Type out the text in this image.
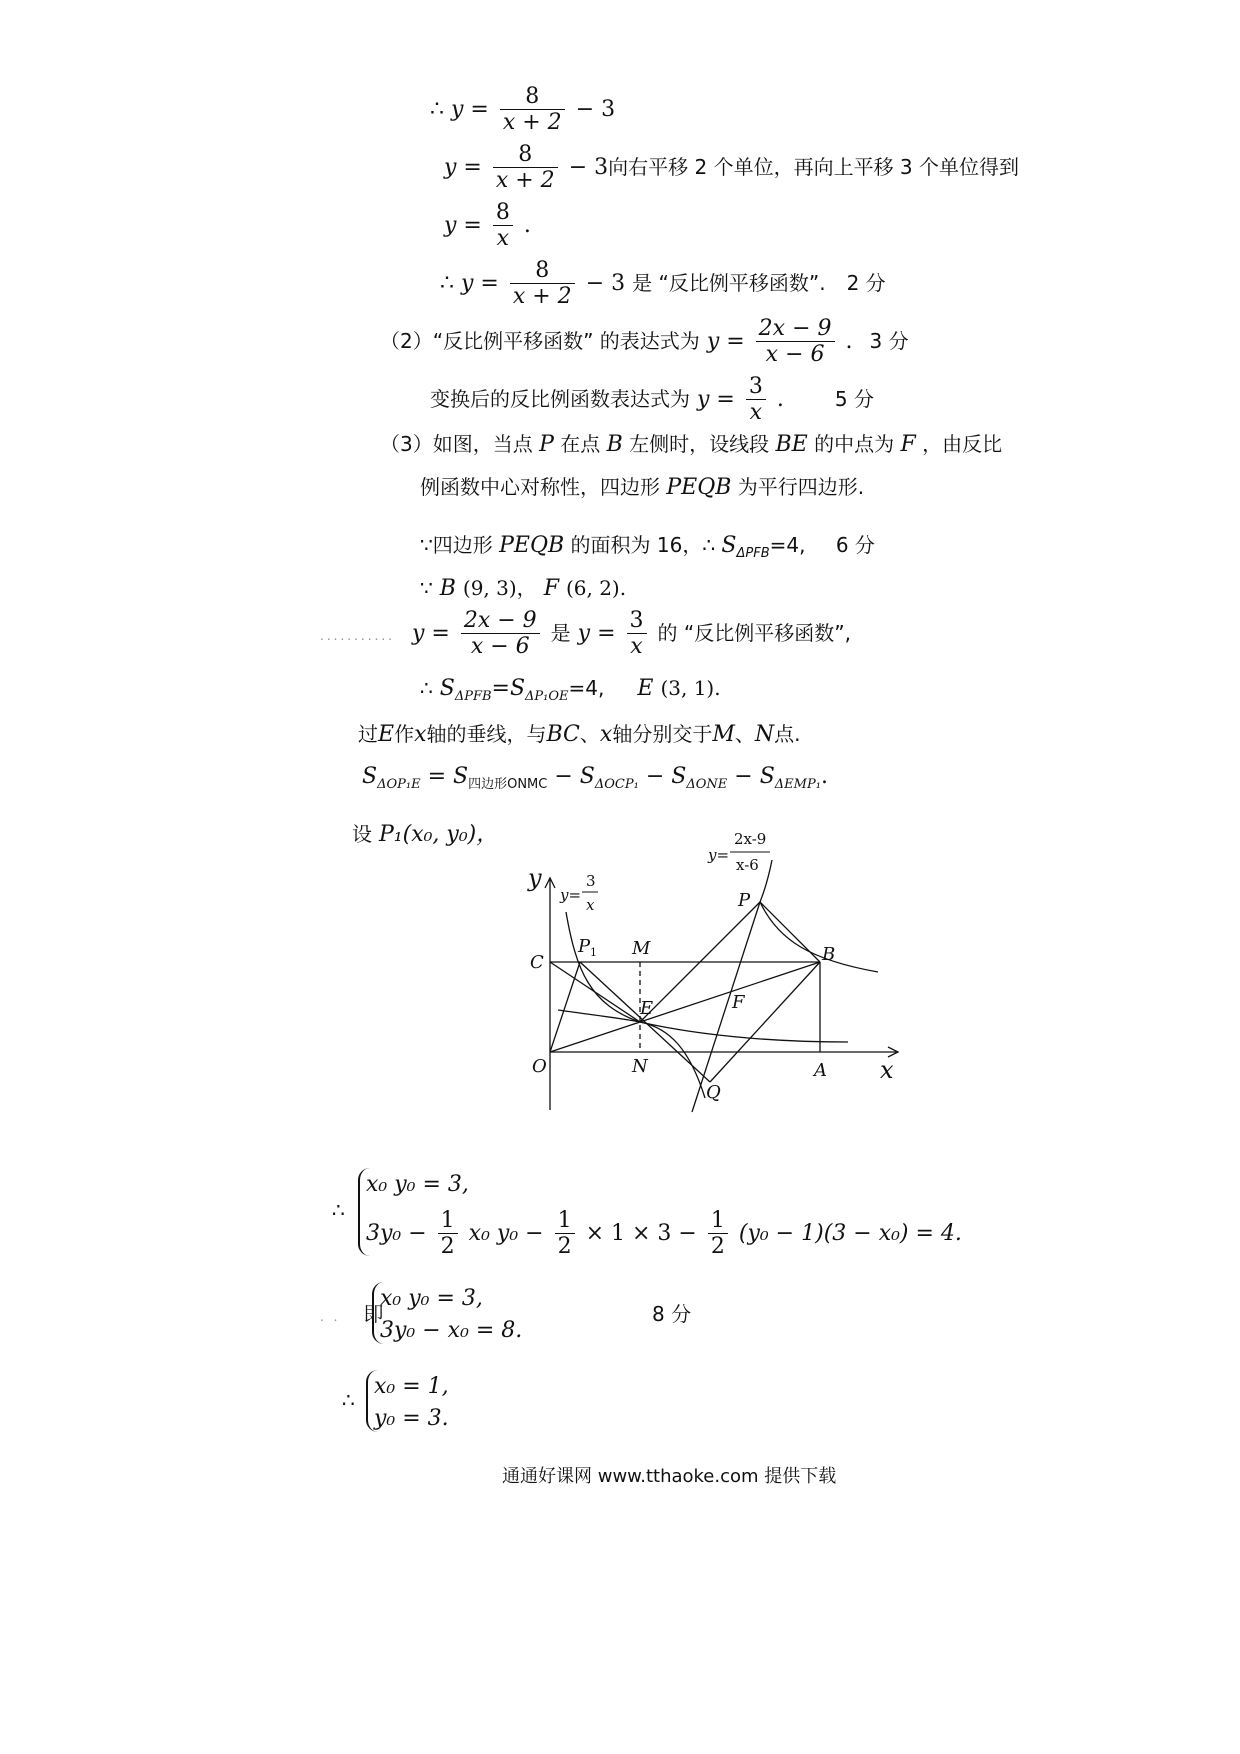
∴ $y = \frac{8}{x + 2} - 3$
$y = \frac{8}{x + 2} - 3$向右平移 2 个单位，再向上平移 3 个单位得到
$y = \frac{8}{x}$ .
∴ $y = \frac{8}{x + 2} - 3$ 是 “反比例平移函数”. 2 分
（2）“反比例平移函数” 的表达式为 $y = \frac{2x - 9}{x - 6}$ . 3 分
变换后的反比例函数表达式为 $y = \frac{3}{x}$ .	5 分
（3）如图，当点 P 在点 B 左侧时，设线段 BE 的中点为 F ，由反比
例函数中心对称性，四边形 PEQB 为平行四边形.
∵四边形 PEQB 的面积为 16，∴ $S_{\Delta PFB}=4$, 6 分
∵ B (9, 3)， F (6, 2).
........... $y = \frac{2x - 9}{x - 6}$ 是 $y = \frac{3}{x}$ 的 “反比例平移函数”,
∴ $S_{\Delta PFB}=S_{\Delta P_1OE}=4$, E (3, 1).
过E作x轴的垂线，与BC、x轴分别交于M、N点.
$S_{\Delta OP_1E} = S_{四边形ONMC} - S_{\Delta OCP_1} - S_{\Delta ONE} - S_{\Delta EMP_1}$.
设 P₁(x₀, y₀)，
y
x
y=
3
x
y=
2x-9
x-6
P
P 1 M	B
C
E	F
O	N
Q
A
∴
x₀ y₀ = 3,
$3y_0 - \frac{1}{2} x_0$ $y_0 - \frac{1}{2} \times 1 \times 3 - \frac{1}{2} (y_0 - 1)(3 - x_0) = 4$.
. . 即
x₀ y₀ = 3,
3y₀ − x₀ = 8.
8 分
∴
x₀ = 1,
y₀ = 3.
通通好课网 www.tthaoke.com 提供下载
